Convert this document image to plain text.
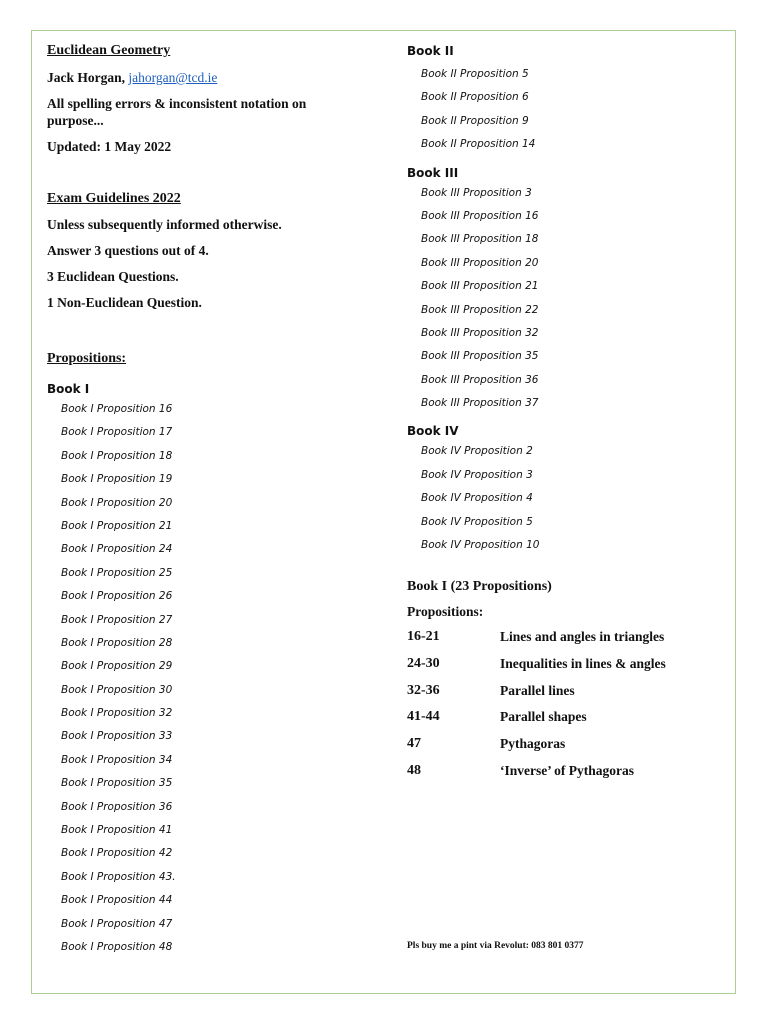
Euclidean Geometry

Jack Horgan, jahorgan@tcd.ie

All spelling errors & inconsistent notation on purpose...

Updated: 1 May 2022

Exam Guidelines 2022

Unless subsequently informed otherwise.

Answer 3 questions out of 4.

3 Euclidean Questions.

1 Non-Euclidean Question.

Propositions:

Book I

Book I Proposition 16
Book I Proposition 17
Book I Proposition 18
Book I Proposition 19
Book I Proposition 20
Book I Proposition 21
Book I Proposition 24
Book I Proposition 25
Book I Proposition 26
Book I Proposition 27
Book I Proposition 28
Book I Proposition 29
Book I Proposition 30
Book I Proposition 32
Book I Proposition 33
Book I Proposition 34
Book I Proposition 35
Book I Proposition 36
Book I Proposition 41
Book I Proposition 42
Book I Proposition 43.
Book I Proposition 44
Book I Proposition 47
Book I Proposition 48

Book II

Book II Proposition 5
Book II Proposition 6
Book II Proposition 9
Book II Proposition 14

Book III

Book III Proposition 3
Book III Proposition 16
Book III Proposition 18
Book III Proposition 20
Book III Proposition 21
Book III Proposition 22
Book III Proposition 32
Book III Proposition 35
Book III Proposition 36
Book III Proposition 37

Book IV

Book IV Proposition 2
Book IV Proposition 3
Book IV Proposition 4
Book IV Proposition 5
Book IV Proposition 10

Book I (23 Propositions)

Propositions:

16-21	Lines and angles in triangles
24-30	Inequalities in lines & angles
32-36	Parallel lines
41-44	Parallel shapes
47	Pythagoras
48	‘Inverse’ of Pythagoras
Pls buy me a pint via Revolut: 083 801 0377
